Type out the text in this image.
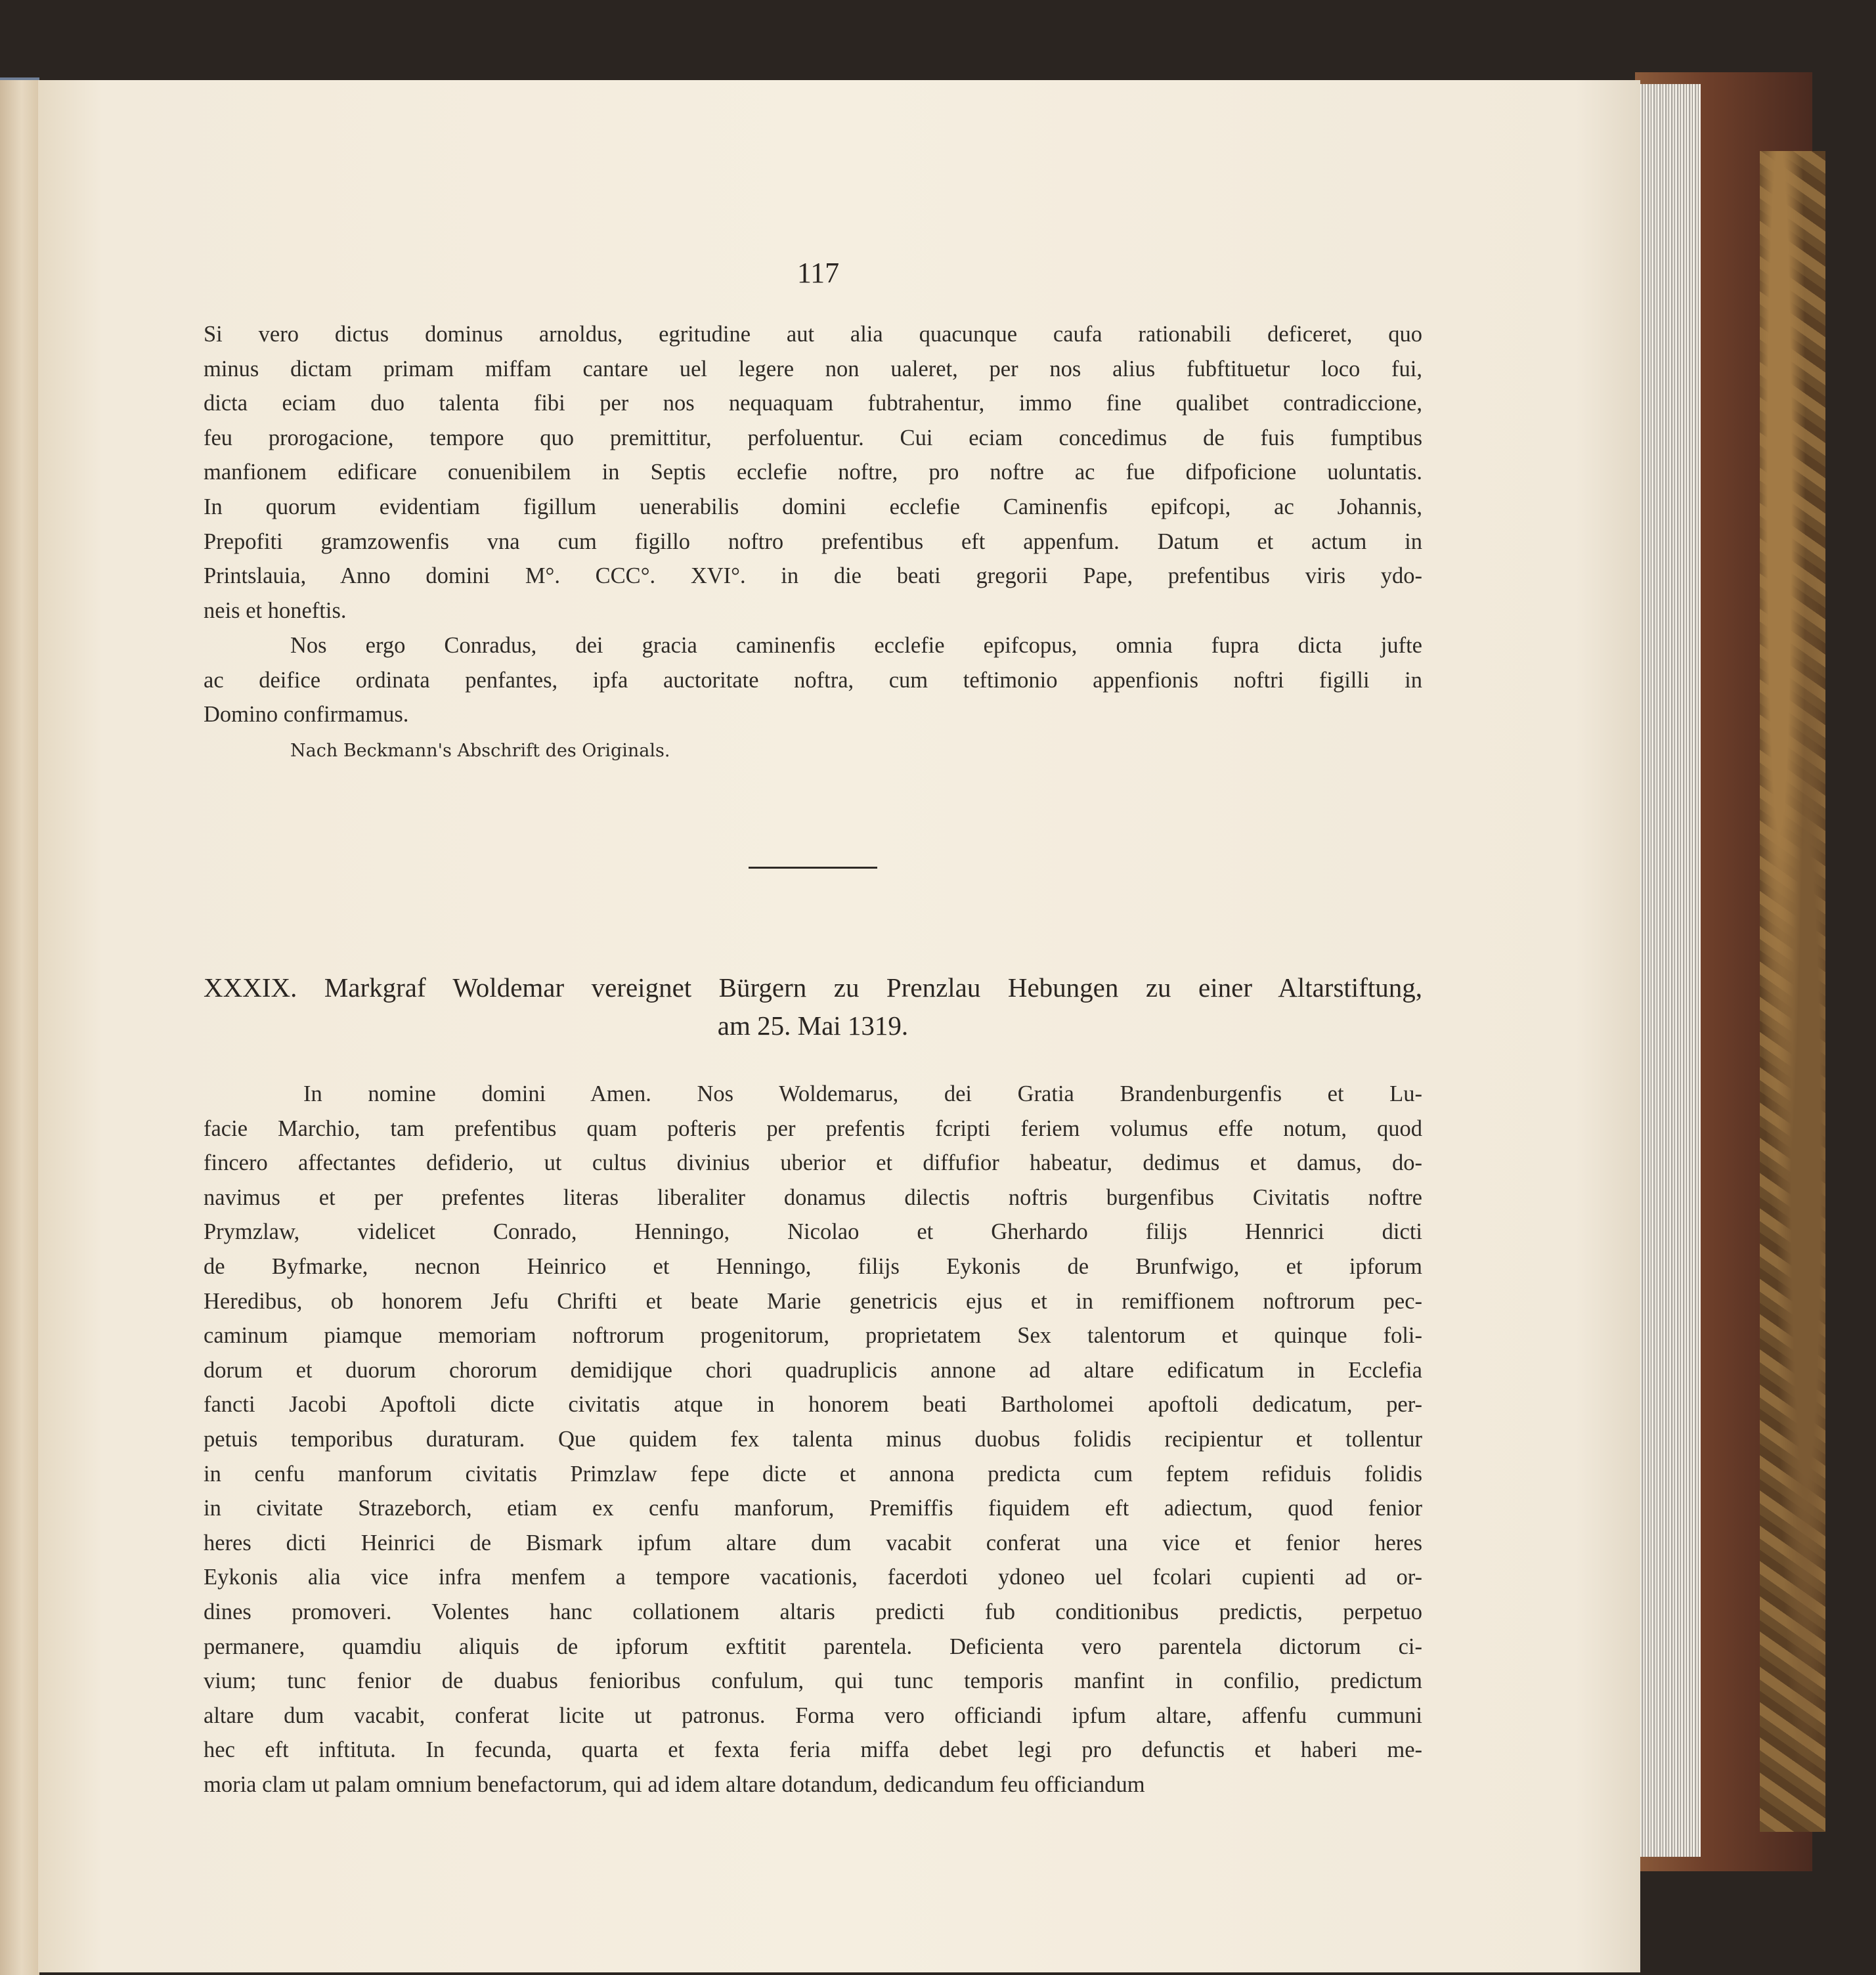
117
Si vero dictus dominus arnoldus, egritudine aut alia quacunque caufa rationabili deficeret, quo
minus dictam primam miffam cantare uel legere non ualeret, per nos alius fubftituetur loco fui,
dicta eciam duo talenta fibi per nos nequaquam fubtrahentur, immo fine qualibet contradiccione,
feu prorogacione, tempore quo premittitur, perfoluentur. Cui eciam concedimus de fuis fumptibus
manfionem edificare conuenibilem in Septis ecclefie noftre, pro noftre ac fue difpoficione uoluntatis.
In quorum evidentiam figillum uenerabilis domini ecclefie Caminenfis epifcopi, ac Johannis,
Prepofiti gramzowenfis vna cum figillo noftro prefentibus eft appenfum. Datum et actum in
Printslauia, Anno domini M°. CCC°. XVI°. in die beati gregorii Pape, prefentibus viris ydo-
neis et honeftis.
Nos ergo Conradus, dei gracia caminenfis ecclefie epifcopus, omnia fupra dicta jufte
ac deifice ordinata penfantes, ipfa auctoritate noftra, cum teftimonio appenfionis noftri figilli in
Domino confirmamus.
Nach Beckmann's Abschrift des Originals.
XXXIX. Markgraf Woldemar vereignet Bürgern zu Prenzlau Hebungen zu einer Altarstiftung,
am 25. Mai 1319.
In nomine domini Amen. Nos Woldemarus, dei Gratia Brandenburgenfis et Lu-
facie Marchio, tam prefentibus quam pofteris per prefentis fcripti feriem volumus effe notum, quod
fincero affectantes defiderio, ut cultus divinius uberior et diffufior habeatur, dedimus et damus, do-
navimus et per prefentes literas liberaliter donamus dilectis noftris burgenfibus Civitatis noftre
Prymzlaw, videlicet Conrado, Henningo, Nicolao et Gherhardo filijs Hennrici dicti
de Byfmarke, necnon Heinrico et Henningo, filijs Eykonis de Brunfwigo, et ipforum
Heredibus, ob honorem Jefu Chrifti et beate Marie genetricis ejus et in remiffionem noftrorum pec-
caminum piamque memoriam noftrorum progenitorum, proprietatem Sex talentorum et quinque foli-
dorum et duorum chororum demidijque chori quadruplicis annone ad altare edificatum in Ecclefia
fancti Jacobi Apoftoli dicte civitatis atque in honorem beati Bartholomei apoftoli dedicatum, per-
petuis temporibus duraturam. Que quidem fex talenta minus duobus folidis recipientur et tollentur
in cenfu manforum civitatis Primzlaw fepe dicte et annona predicta cum feptem refiduis folidis
in civitate Strazeborch, etiam ex cenfu manforum, Premiffis fiquidem eft adiectum, quod fenior
heres dicti Heinrici de Bismark ipfum altare dum vacabit conferat una vice et fenior heres
Eykonis alia vice infra menfem a tempore vacationis, facerdoti ydoneo uel fcolari cupienti ad or-
dines promoveri. Volentes hanc collationem altaris predicti fub conditionibus predictis, perpetuo
permanere, quamdiu aliquis de ipforum exftitit parentela. Deficienta vero parentela dictorum ci-
vium; tunc fenior de duabus fenioribus confulum, qui tunc temporis manfint in confilio, predictum
altare dum vacabit, conferat licite ut patronus. Forma vero officiandi ipfum altare, affenfu cummuni
hec eft inftituta. In fecunda, quarta et fexta feria miffa debet legi pro defunctis et haberi me-
moria clam ut palam omnium benefactorum, qui ad idem altare dotandum, dedicandum feu officiandum
